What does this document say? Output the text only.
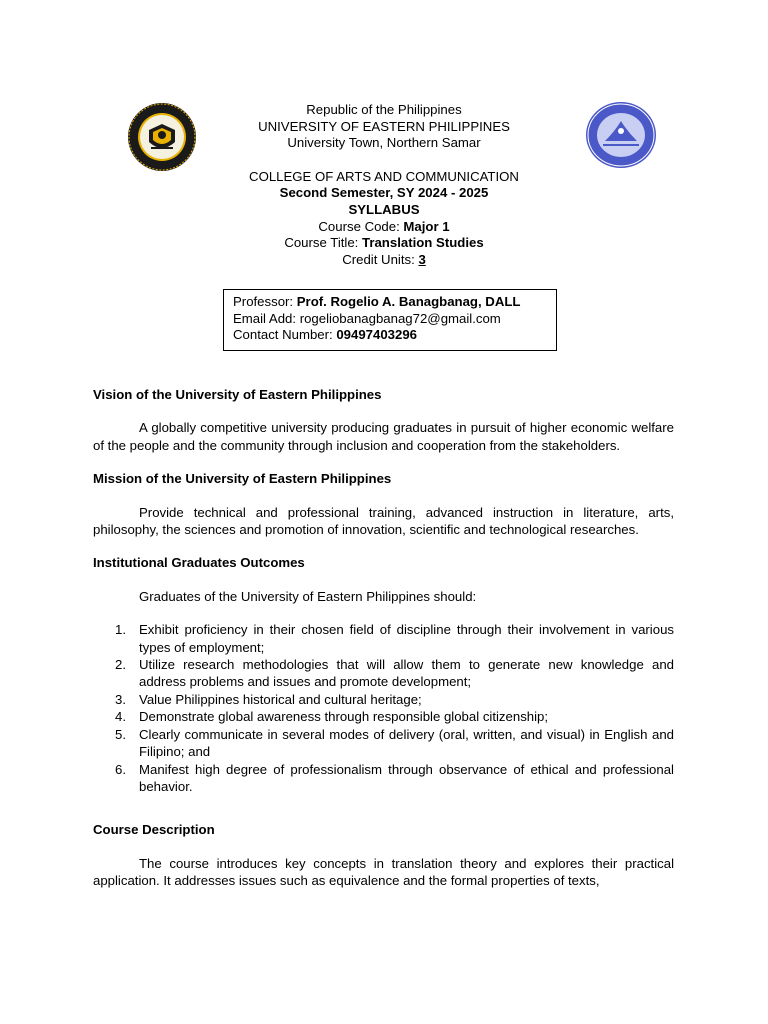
Republic of the Philippines
UNIVERSITY OF EASTERN PHILIPPINES
University Town, Northern Samar
COLLEGE OF ARTS AND COMMUNICATION
Second Semester, SY 2024 - 2025
SYLLABUS
Course Code: Major 1
Course Title: Translation Studies
Credit Units: 3
Professor: Prof. Rogelio A. Banagbanag, DALL
Email Add: rogeliobanagbanag72@gmail.com
Contact Number: 09497403296
Vision of the University of Eastern Philippines

A globally competitive university producing graduates in pursuit of higher economic welfare of the people and the community through inclusion and cooperation from the stakeholders.

Mission of the University of Eastern Philippines

Provide technical and professional training, advanced instruction in literature, arts, philosophy, the sciences and promotion of innovation, scientific and technological researches.

Institutional Graduates Outcomes

Graduates of the University of Eastern Philippines should:

1. Exhibit proficiency in their chosen field of discipline through their involvement in various types of employment;
2. Utilize research methodologies that will allow them to generate new knowledge and address problems and issues and promote development;
3. Value Philippines historical and cultural heritage;
4. Demonstrate global awareness through responsible global citizenship;
5. Clearly communicate in several modes of delivery (oral, written, and visual) in English and Filipino; and
6. Manifest high degree of professionalism through observance of ethical and professional behavior.
Course Description

The course introduces key concepts in translation theory and explores their practical application. It addresses issues such as equivalence and the formal properties of texts,
